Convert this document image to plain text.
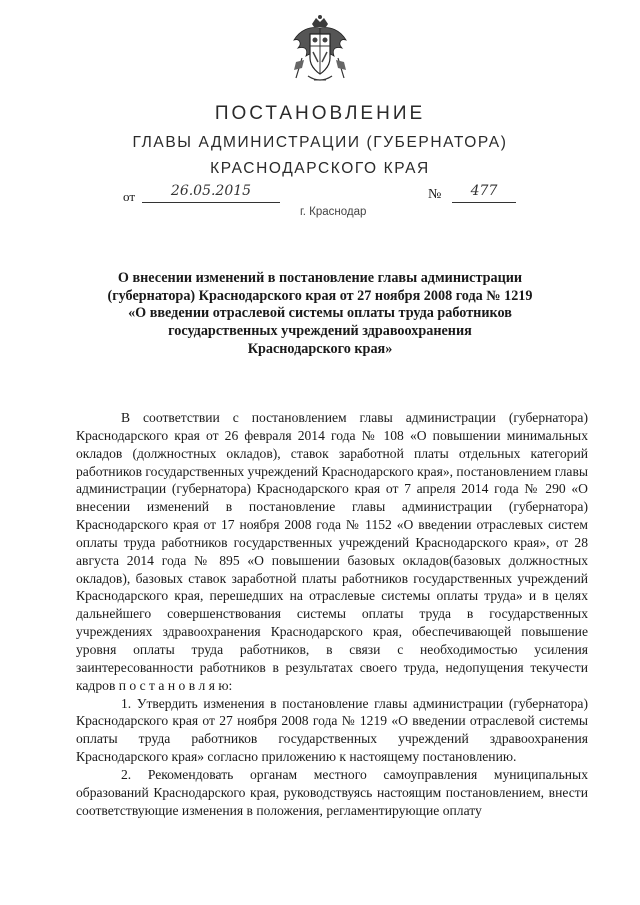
ПОСТАНОВЛЕНИЕ
ГЛАВЫ АДМИНИСТРАЦИИ (ГУБЕРНАТОРА)
КРАСНОДАРСКОГО КРАЯ
от	26.05.2015	№	477
г. Краснодар
О внесении изменений в постановление главы администрации
(губернатора) Краснодарского края от 27 ноября 2008 года № 1219
«О введении отраслевой системы оплаты труда работников
государственных учреждений здравоохранения
Краснодарского края»

В соответствии с постановлением главы администрации (губернатора) Краснодарского края от 26 февраля 2014 года № 108 «О повышении минимальных окладов (должностных окладов), ставок заработной платы отдельных категорий работников государственных учреждений Краснодарского края», постановлением главы администрации (губернатора) Краснодарского края от 7 апреля 2014 года № 290 «О внесении изменений в постановление главы администрации (губернатора) Краснодарского края от 17 ноября 2008 года № 1152 «О введении отраслевых систем оплаты труда работников государственных учреждений Краснодарского края», от 28 августа 2014 года № 895 «О повышении базовых окладов(базовых должностных окладов), базовых ставок заработной платы работников государственных учреждений Краснодарского края, перешедших на отраслевые системы оплаты труда» и в целях дальнейшего совершенствования системы оплаты труда в государственных учреждениях здравоохранения Краснодарского края, обеспечивающей повышение уровня оплаты труда работников, в связи с необходимостью усиления заинтересованности работников в результатах своего труда, недопущения текучести кадров п о с т а н о в л я ю:

1. Утвердить изменения в постановление главы администрации (губернатора) Краснодарского края от 27 ноября 2008 года № 1219 «О введении отраслевой системы оплаты труда работников государственных учреждений здравоохранения Краснодарского края» согласно приложению к настоящему постановлению.

2. Рекомендовать органам местного самоуправления муниципальных образований Краснодарского края, руководствуясь настоящим постановлением, внести соответствующие изменения в положения, регламентирующие оплату
